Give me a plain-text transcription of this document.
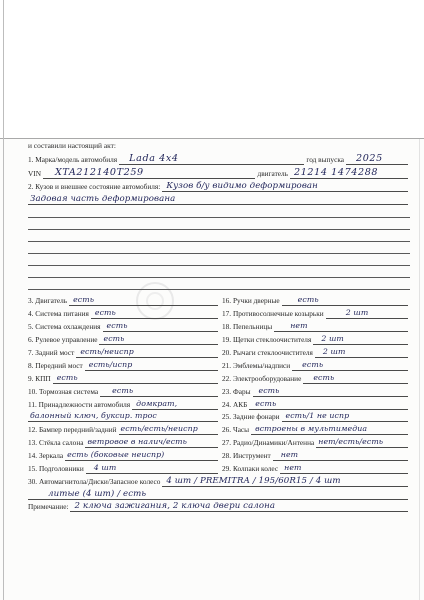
и составили настоящий акт:
1. Марка/модель автомобиля Lada 4x4	год выпуска 2025
VIN XTA212140T259	двигатель 21214 1474288
2. Кузов и внешнее состояние автомобиля: Кузов б/у видимо деформирован
Задовая часть деформирована
3. Двигатель есть
4. Система питания есть
5. Система охлаждения есть
6. Рулевое управление есть
7. Задний мост есть/неиспр
8. Передний мост есть/испр
9. КПП есть
10. Тормозная система есть
11. Принадлежности автомобиля домкрат,
балонный ключ, буксир. трос
12. Бампер передний/задний есть/есть/неиспр
13. Стёкла салона ветровое в налич/есть
14. Зеркала есть (боковые неиспр)
15. Подголовники 4 шт
16. Ручки дверные есть
17. Противосолнечные козырьки	2 шт
18. Пепельницы нет
19. Щетки стеклоочистителя 2 шт
20. Рычаги стеклоочистителя 2 шт
21. Эмблемы/надписи есть
22. Электрооборудование есть
23. Фары есть
24. АКБ есть
25. Задние фонари есть/1 не испр
26. Часы встроены в мультимедиа
27. Радио/Динамики/Антенна нет/есть/есть
28. Инструмент нет
29. Колпаки колес нет
30. Автомагнитола/Диски/Запасное колесо 4 шт / PREMITRA / 195/60R15 / 4 шт
литые (4 шт) / есть
Примечание: 2 ключа зажигания, 2 ключа двери салона
